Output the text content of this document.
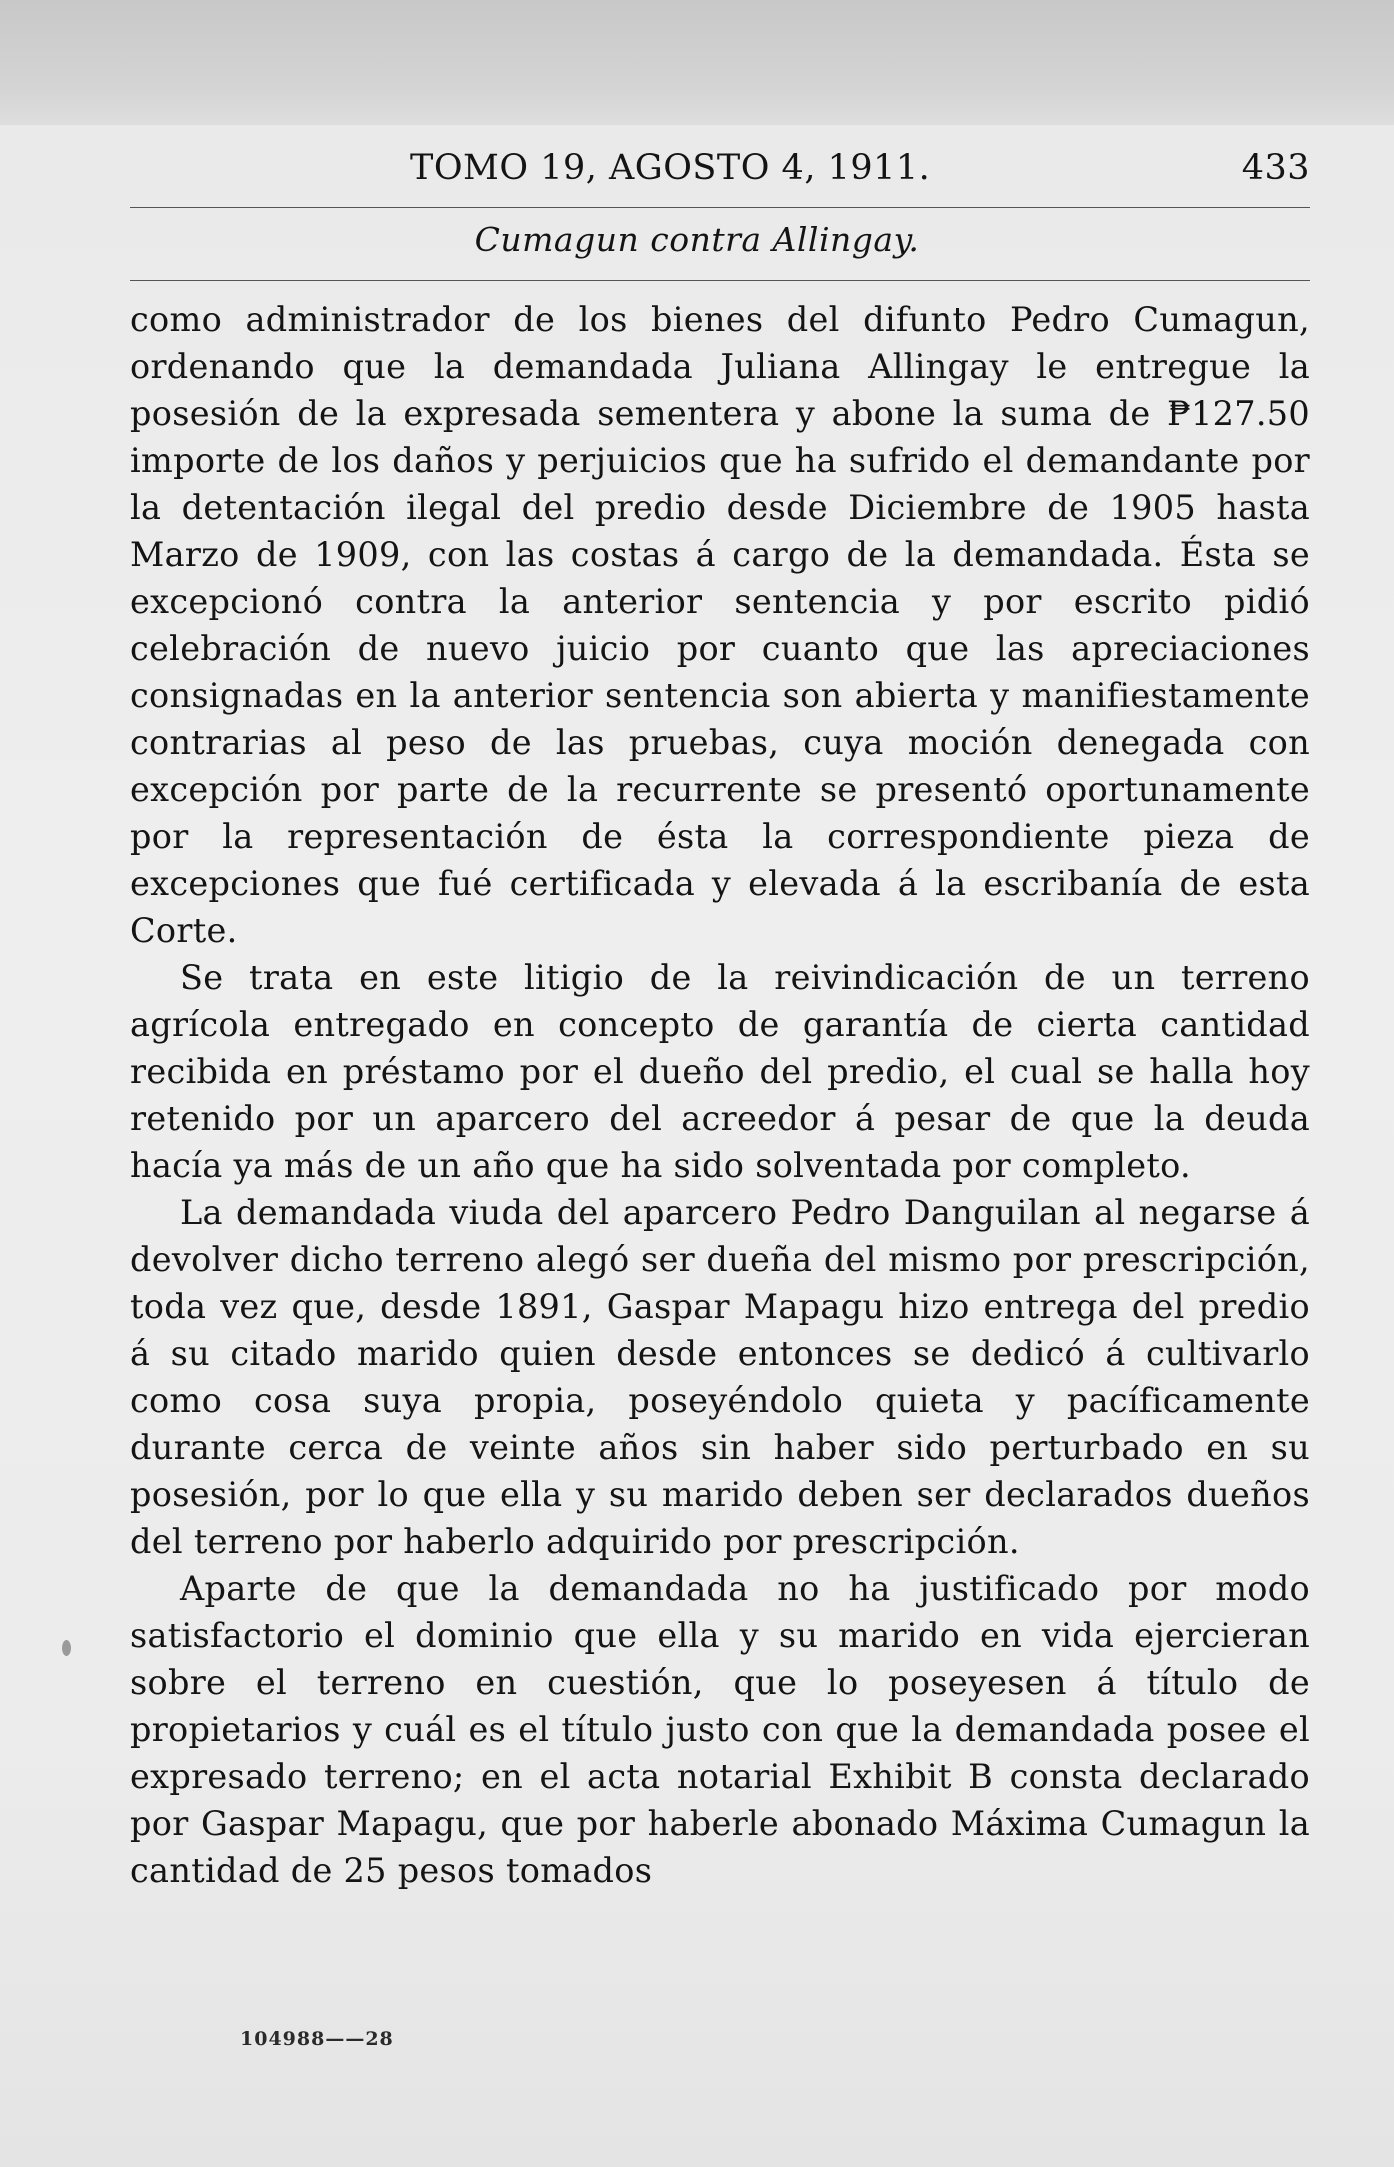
TOMO 19, AGOSTO 4, 1911.	433
Cumagun contra Allingay.

como administrador de los bienes del difunto Pedro Cumagun, ordenando que la demandada Juliana Allingay le entregue la posesión de la expresada sementera y abone la suma de ₱127.50 importe de los daños y perjuicios que ha sufrido el demandante por la detentación ilegal del predio desde Diciembre de 1905 hasta Marzo de 1909, con las costas á cargo de la demandada. Ésta se excepcionó contra la anterior sentencia y por escrito pidió celebración de nuevo juicio por cuanto que las apreciaciones consignadas en la anterior sentencia son abierta y manifiestamente contrarias al peso de las pruebas, cuya moción denegada con excepción por parte de la recurrente se presentó oportunamente por la representación de ésta la correspondiente pieza de excepciones que fué certificada y elevada á la escribanía de esta Corte.

Se trata en este litigio de la reivindicación de un terreno agrícola entregado en concepto de garantía de cierta cantidad recibida en préstamo por el dueño del predio, el cual se halla hoy retenido por un aparcero del acreedor á pesar de que la deuda hacía ya más de un año que ha sido solventada por completo.

La demandada viuda del aparcero Pedro Danguilan al negarse á devolver dicho terreno alegó ser dueña del mismo por prescripción, toda vez que, desde 1891, Gaspar Mapagu hizo entrega del predio á su citado marido quien desde entonces se dedicó á cultivarlo como cosa suya propia, poseyéndolo quieta y pacíficamente durante cerca de veinte años sin haber sido perturbado en su posesión, por lo que ella y su marido deben ser declarados dueños del terreno por haberlo adquirido por prescripción.

Aparte de que la demandada no ha justificado por modo satisfactorio el dominio que ella y su marido en vida ejercieran sobre el terreno en cuestión, que lo poseyesen á título de propietarios y cuál es el título justo con que la demandada posee el expresado terreno; en el acta notarial Exhibit B consta declarado por Gaspar Mapagu, que por haberle abonado Máxima Cumagun la cantidad de 25 pesos tomados

104988——28
